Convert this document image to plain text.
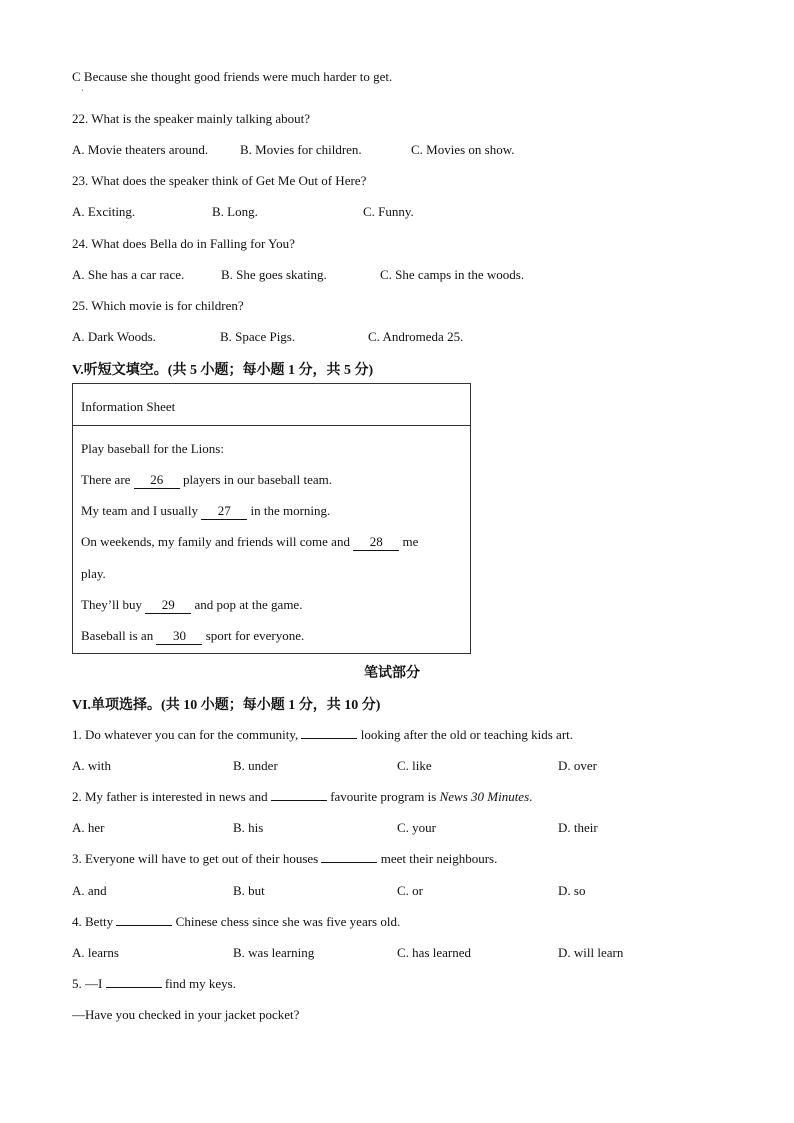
C Because she thought good friends were much harder to get.
·
22. What is the speaker mainly talking about?
A. Movie theaters around. B. Movies for children.	C. Movies on show.
23. What does the speaker think of Get Me Out of Here?
A. Exciting.	B. Long.	C. Funny.
24. What does Bella do in Falling for You?
A. She has a car race.	B. She goes skating.	C. She camps in the woods.
25. Which movie is for children?
A. Dark Woods.	B. Space Pigs.	C. Andromeda 25.
V.听短文填空。(共 5 小题；每小题 1 分，共 5 分)
Information Sheet
Play baseball for the Lions:
There are 26 players in our baseball team.
My team and I usually 27 in the morning.
On weekends, my family and friends will come and 28 me
play.
They’ll buy 29 and pop at the game.
Baseball is an 30 sport for everyone.
笔试部分
VI.单项选择。(共 10 小题；每小题 1 分，共 10 分)
1. Do whatever you can for the community,	looking after the old or teaching kids art.
A. with	B. under	C. like	D. over
2. My father is interested in news and	favourite program is News 30 Minutes.
A. her	B. his	C. your	D. their
3. Everyone will have to get out of their houses	meet their neighbours.
A. and	B. but	C. or	D. so
4. Betty	Chinese chess since she was five years old.
A. learns	B. was learning	C. has learned	D. will learn
5. —I	find my keys.
—Have you checked in your jacket pocket?
